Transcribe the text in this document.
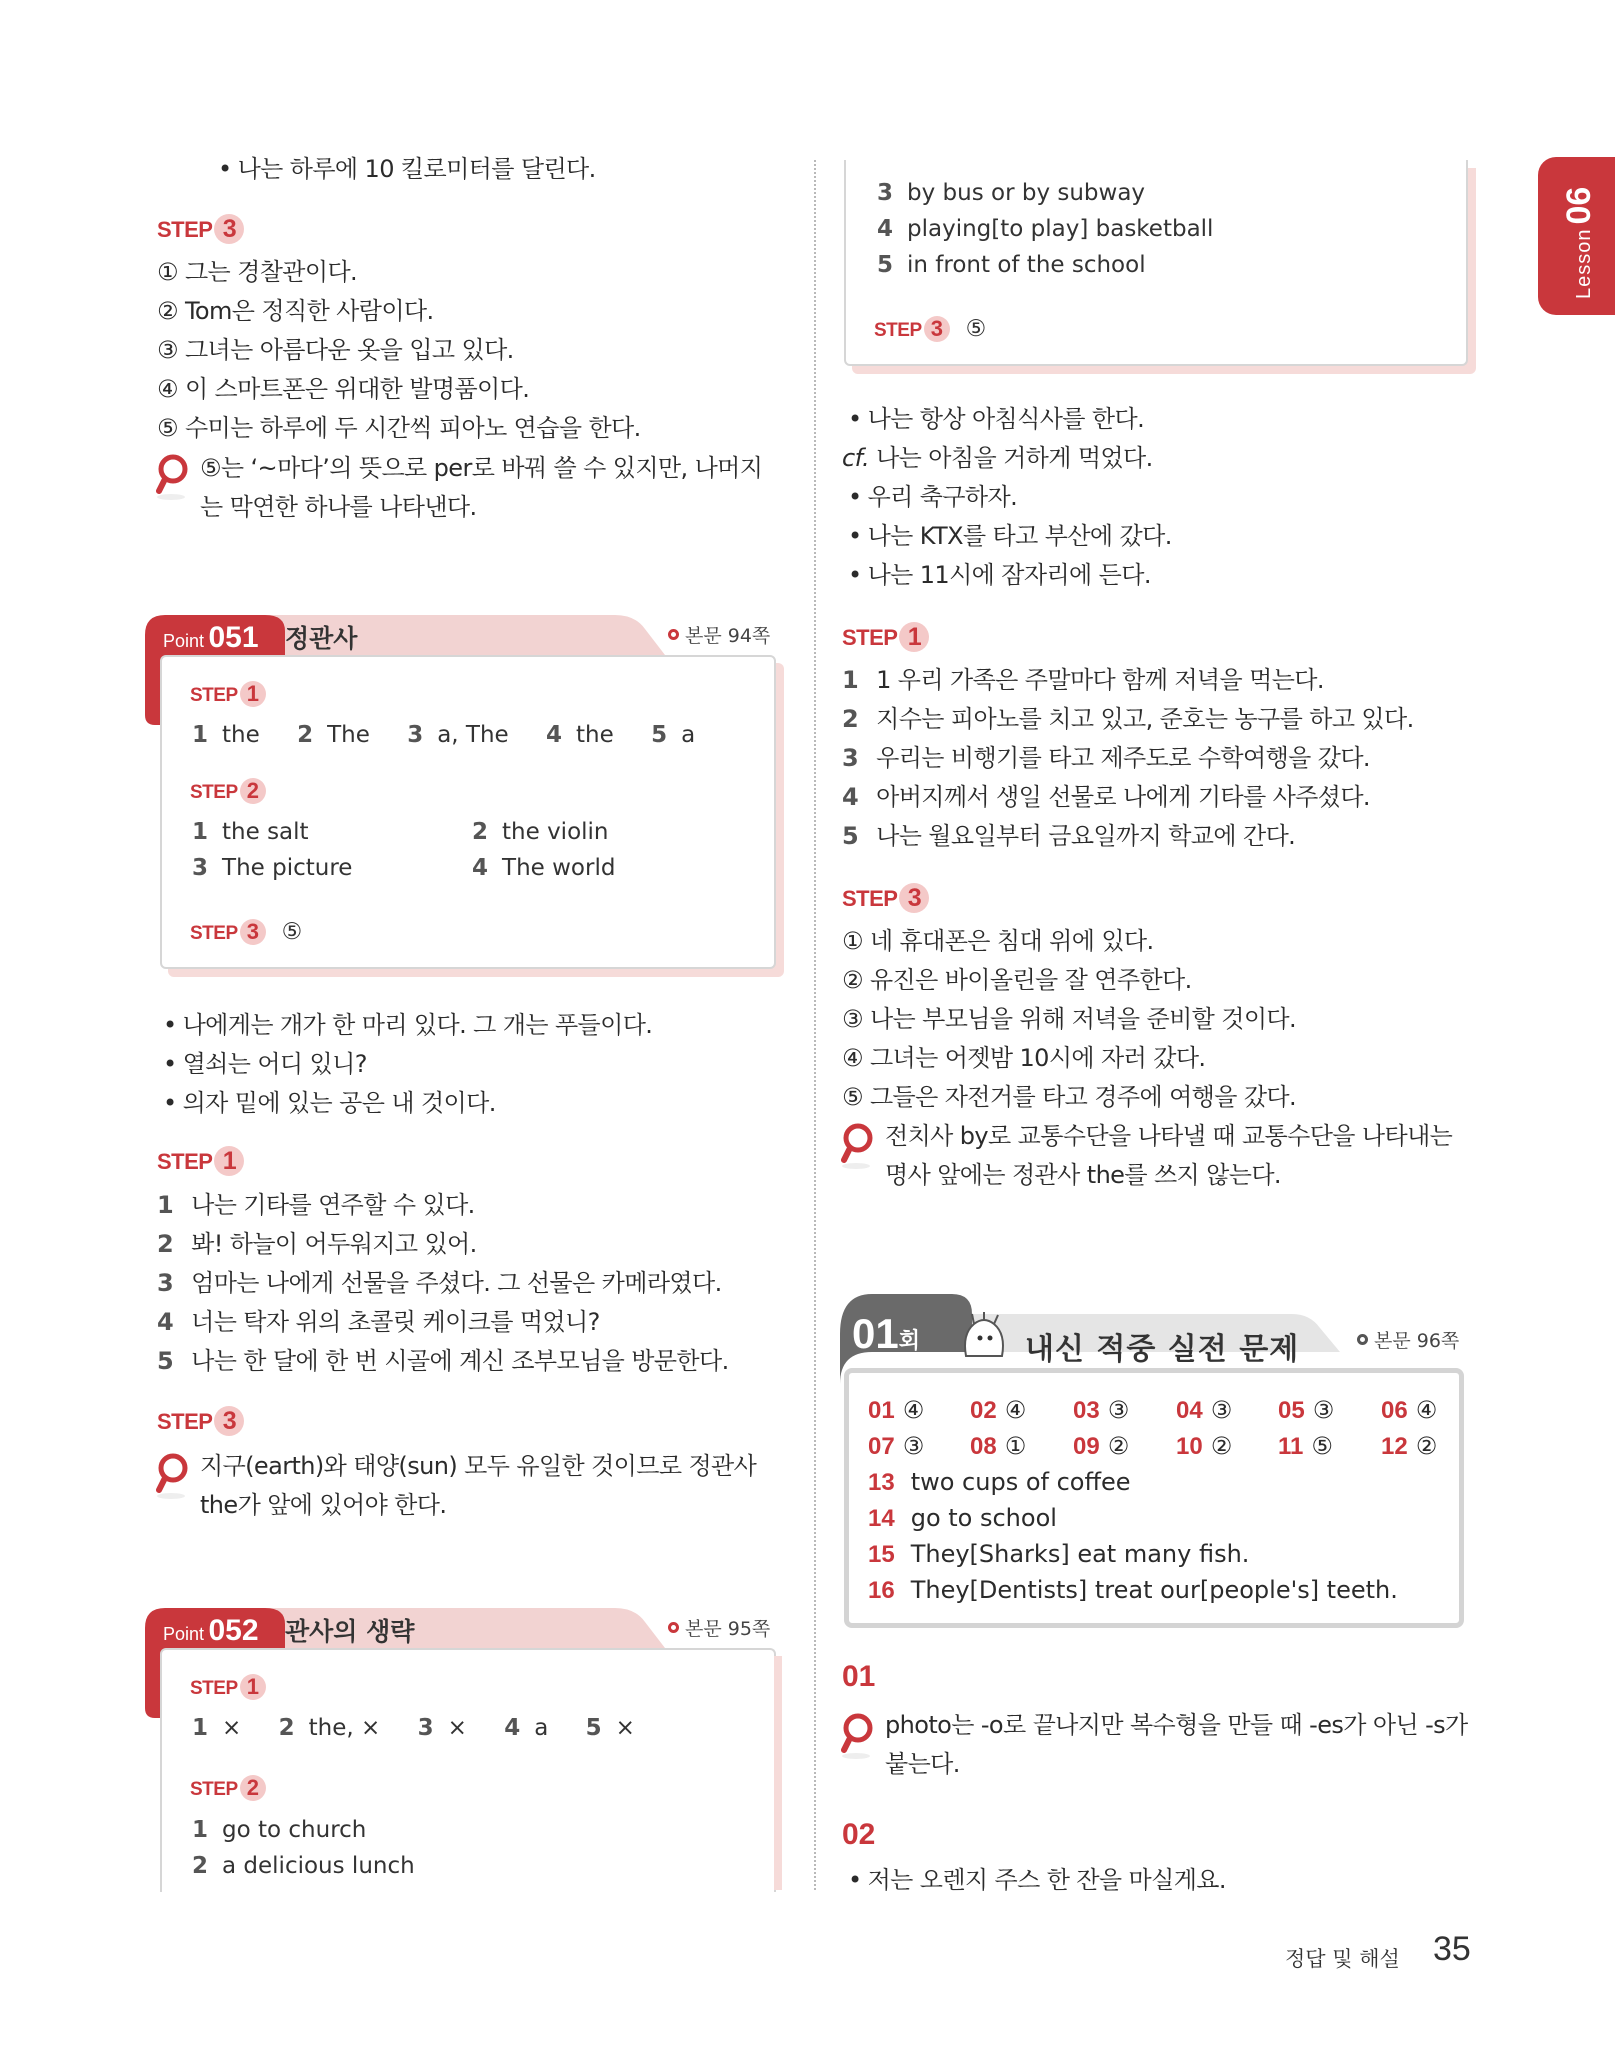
Lesson06
• 나는 하루에 10 킬로미터를 달린다.
STEP 3
① 그는 경찰관이다.
② Tom은 정직한 사람이다.
③ 그녀는 아름다운 옷을 입고 있다.
④ 이 스마트폰은 위대한 발명품이다.
⑤ 수미는 하루에 두 시간씩 피아노 연습을 한다.
⑤는 ‘~마다’의 뜻으로 per로 바꿔 쓸 수 있지만, 나머지
는 막연한 하나를 나타낸다.
Point 051 정관사	본문 94쪽
STEP 1
1 the 2 The 3 a, The 4 the 5 a
STEP 2
1 the salt	2 the violin
3 The picture	4 The world
STEP 3 ⑤
• 나에게는 개가 한 마리 있다. 그 개는 푸들이다.
• 열쇠는 어디 있니?
• 의자 밑에 있는 공은 내 것이다.
STEP 1
1 나는 기타를 연주할 수 있다.
2 봐! 하늘이 어두워지고 있어.
3 엄마는 나에게 선물을 주셨다. 그 선물은 카메라였다.
4 너는 탁자 위의 초콜릿 케이크를 먹었니?
5 나는 한 달에 한 번 시골에 계신 조부모님을 방문한다.
STEP 3
지구(earth)와 태양(sun) 모두 유일한 것이므로 정관사
the가 앞에 있어야 한다.
Point 052 관사의 생략	본문 95쪽
STEP 1
1 × 2 the, × 3 × 4 a 5 ×
STEP 2
1 go to church
2 a delicious lunch
3 by bus or by subway
4 playing[to play] basketball
5 in front of the school
STEP 3 ⑤
• 나는 항상 아침식사를 한다.
cf. 나는 아침을 거하게 먹었다.
• 우리 축구하자.
• 나는 KTX를 타고 부산에 갔다.
• 나는 11시에 잠자리에 든다.
STEP 1
1 1 우리 가족은 주말마다 함께 저녁을 먹는다.
2 지수는 피아노를 치고 있고, 준호는 농구를 하고 있다.
3 우리는 비행기를 타고 제주도로 수학여행을 갔다.
4 아버지께서 생일 선물로 나에게 기타를 사주셨다.
5 나는 월요일부터 금요일까지 학교에 간다.
STEP 3
① 네 휴대폰은 침대 위에 있다.
② 유진은 바이올린을 잘 연주한다.
③ 나는 부모님을 위해 저녁을 준비할 것이다.
④ 그녀는 어젯밤 10시에 자러 갔다.
⑤ 그들은 자전거를 타고 경주에 여행을 갔다.
전치사 by로 교통수단을 나타낼 때 교통수단을 나타내는
명사 앞에는 정관사 the를 쓰지 않는다.
01회	내신 적중 실전 문제	본문 96쪽
01 ④ 02 ④ 03 ③ 04 ③ 05 ③ 06 ④
07 ③ 08 ① 09 ② 10 ② 11 ⑤ 12 ②
13 two cups of coffee
14 go to school
15 They[Sharks] eat many fish.
16 They[Dentists] treat our[people's] teeth.
01
photo는 -o로 끝나지만 복수형을 만들 때 -es가 아닌 -s가
붙는다.
02
• 저는 오렌지 주스 한 잔을 마실게요.
정답 및 해설 35
